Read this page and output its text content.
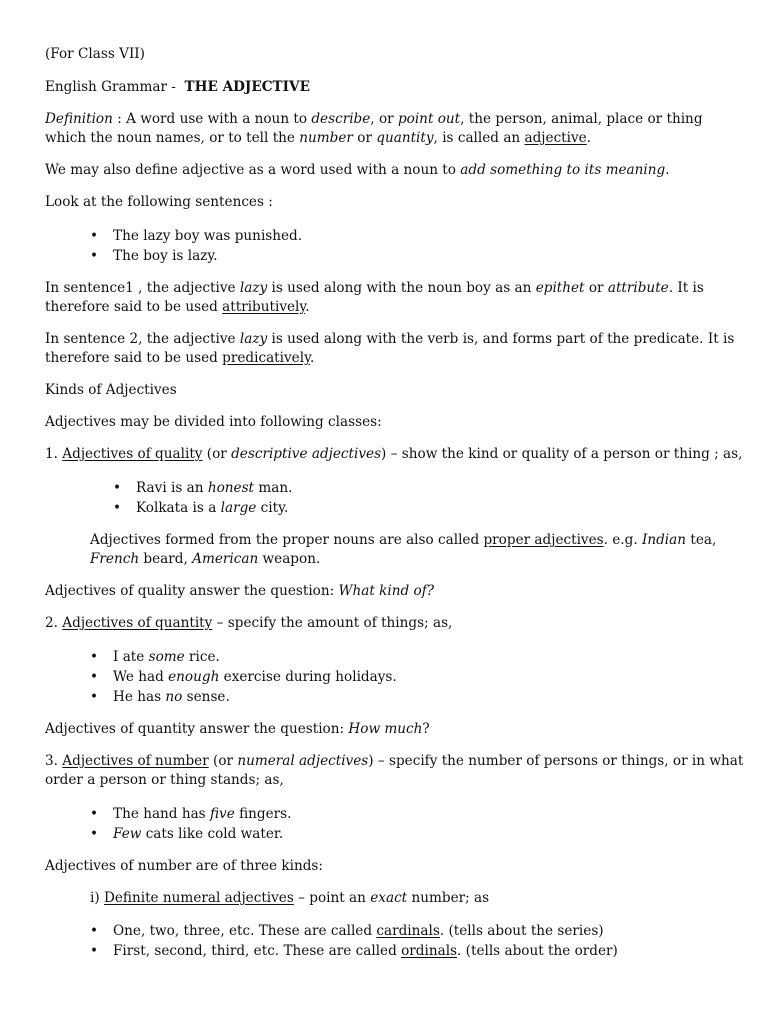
(For Class VII)
English Grammar - THE ADJECTIVE
Definition : A word use with a noun to describe, or point out, the person, animal, place or thing
which the noun names, or to tell the number or quantity, is called an adjective.
We may also define adjective as a word used with a noun to add something to its meaning.
Look at the following sentences :
• The lazy boy was punished.
• The boy is lazy.
In sentence1 , the adjective lazy is used along with the noun boy as an epithet or attribute. It is
therefore said to be used attributively.
In sentence 2, the adjective lazy is used along with the verb is, and forms part of the predicate. It is
therefore said to be used predicatively.
Kinds of Adjectives
Adjectives may be divided into following classes:
1. Adjectives of quality (or descriptive adjectives) – show the kind or quality of a person or thing ; as,
• Ravi is an honest man.
• Kolkata is a large city.
Adjectives formed from the proper nouns are also called proper adjectives. e.g. Indian tea,
French beard, American weapon.
Adjectives of quality answer the question: What kind of?
2. Adjectives of quantity – specify the amount of things; as,
• I ate some rice.
• We had enough exercise during holidays.
• He has no sense.
Adjectives of quantity answer the question: How much?
3. Adjectives of number (or numeral adjectives) – specify the number of persons or things, or in what
order a person or thing stands; as,
• The hand has five fingers.
• Few cats like cold water.
Adjectives of number are of three kinds:
i) Definite numeral adjectives – point an exact number; as
• One, two, three, etc. These are called cardinals. (tells about the series)
• First, second, third, etc. These are called ordinals. (tells about the order)
